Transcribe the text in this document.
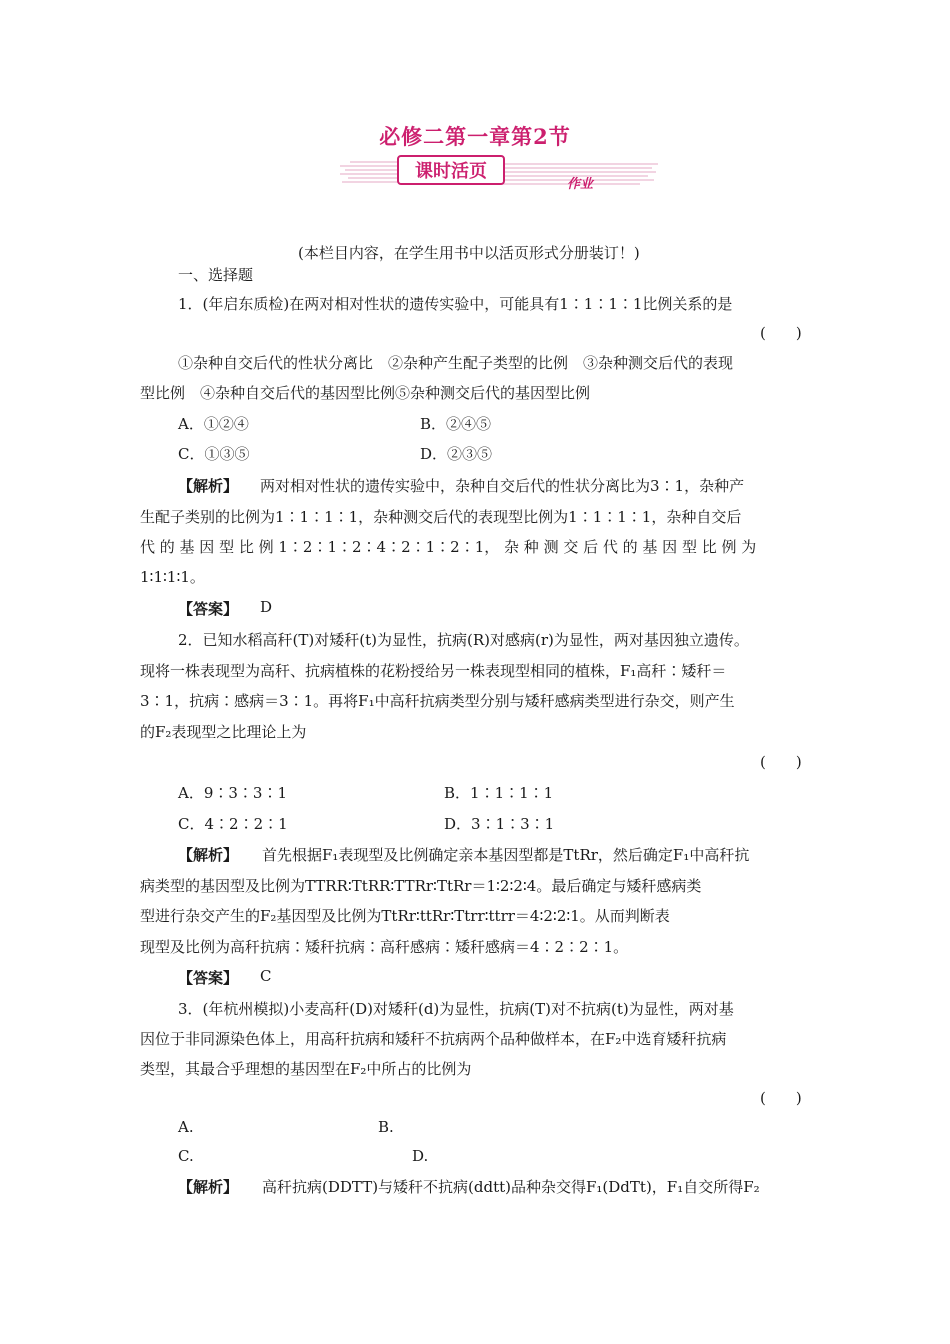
必修二第一章第2节
课时活页
作业
(本栏目内容，在学生用书中以活页形式分册装订！)
一、选择题
1．(年启东质检)在两对相对性状的遗传实验中，可能具有1∶1∶1∶1比例关系的是
(　　)
①杂种自交后代的性状分离比　②杂种产生配子类型的比例　③杂种测交后代的表现
型比例　④杂种自交后代的基因型比例⑤杂种测交后代的基因型比例
A．①②④	B．②④⑤
C．①③⑤	D．②③⑤
【解析】 两对相对性状的遗传实验中，杂种自交后代的性状分离比为3∶1，杂种产
生配子类别的比例为1∶1∶1∶1，杂种测交后代的表现型比例为1∶1∶1∶1，杂种自交后
代 的 基 因 型 比 例 1∶2∶1∶2∶4∶2∶1∶2∶1， 杂 种 测 交 后 代 的 基 因 型 比 例 为
1∶1∶1∶1。
【答案】 D
2．已知水稻高秆(T)对矮秆(t)为显性，抗病(R)对感病(r)为显性，两对基因独立遗传。
现将一株表现型为高秆、抗病植株的花粉授给另一株表现型相同的植株，F₁高秆∶矮秆＝
3∶1，抗病∶感病＝3∶1。再将F₁中高秆抗病类型分别与矮秆感病类型进行杂交，则产生
的F₂表现型之比理论上为
(　　)
A．9∶3∶3∶1	B．1∶1∶1∶1
C．4∶2∶2∶1	D．3∶1∶3∶1
【解析】 首先根据F₁表现型及比例确定亲本基因型都是TtRr，然后确定F₁中高秆抗
病类型的基因型及比例为TTRR∶TtRR∶TTRr∶TtRr＝1∶2∶2∶4。最后确定与矮秆感病类
型进行杂交产生的F₂基因型及比例为TtRr∶ttRr∶Ttrr∶ttrr＝4∶2∶2∶1。从而判断表
现型及比例为高秆抗病∶矮秆抗病∶高秆感病∶矮秆感病＝4∶2∶2∶1。
【答案】 C
3．(年杭州模拟)小麦高秆(D)对矮秆(d)为显性，抗病(T)对不抗病(t)为显性，两对基
因位于非同源染色体上，用高秆抗病和矮秆不抗病两个品种做样本，在F₂中选育矮秆抗病
类型，其最合乎理想的基因型在F₂中所占的比例为
(　　)
A.	B.
C.	D.
【解析】 高秆抗病(DDTT)与矮秆不抗病(ddtt)品种杂交得F₁(DdTt)，F₁自交所得F₂
